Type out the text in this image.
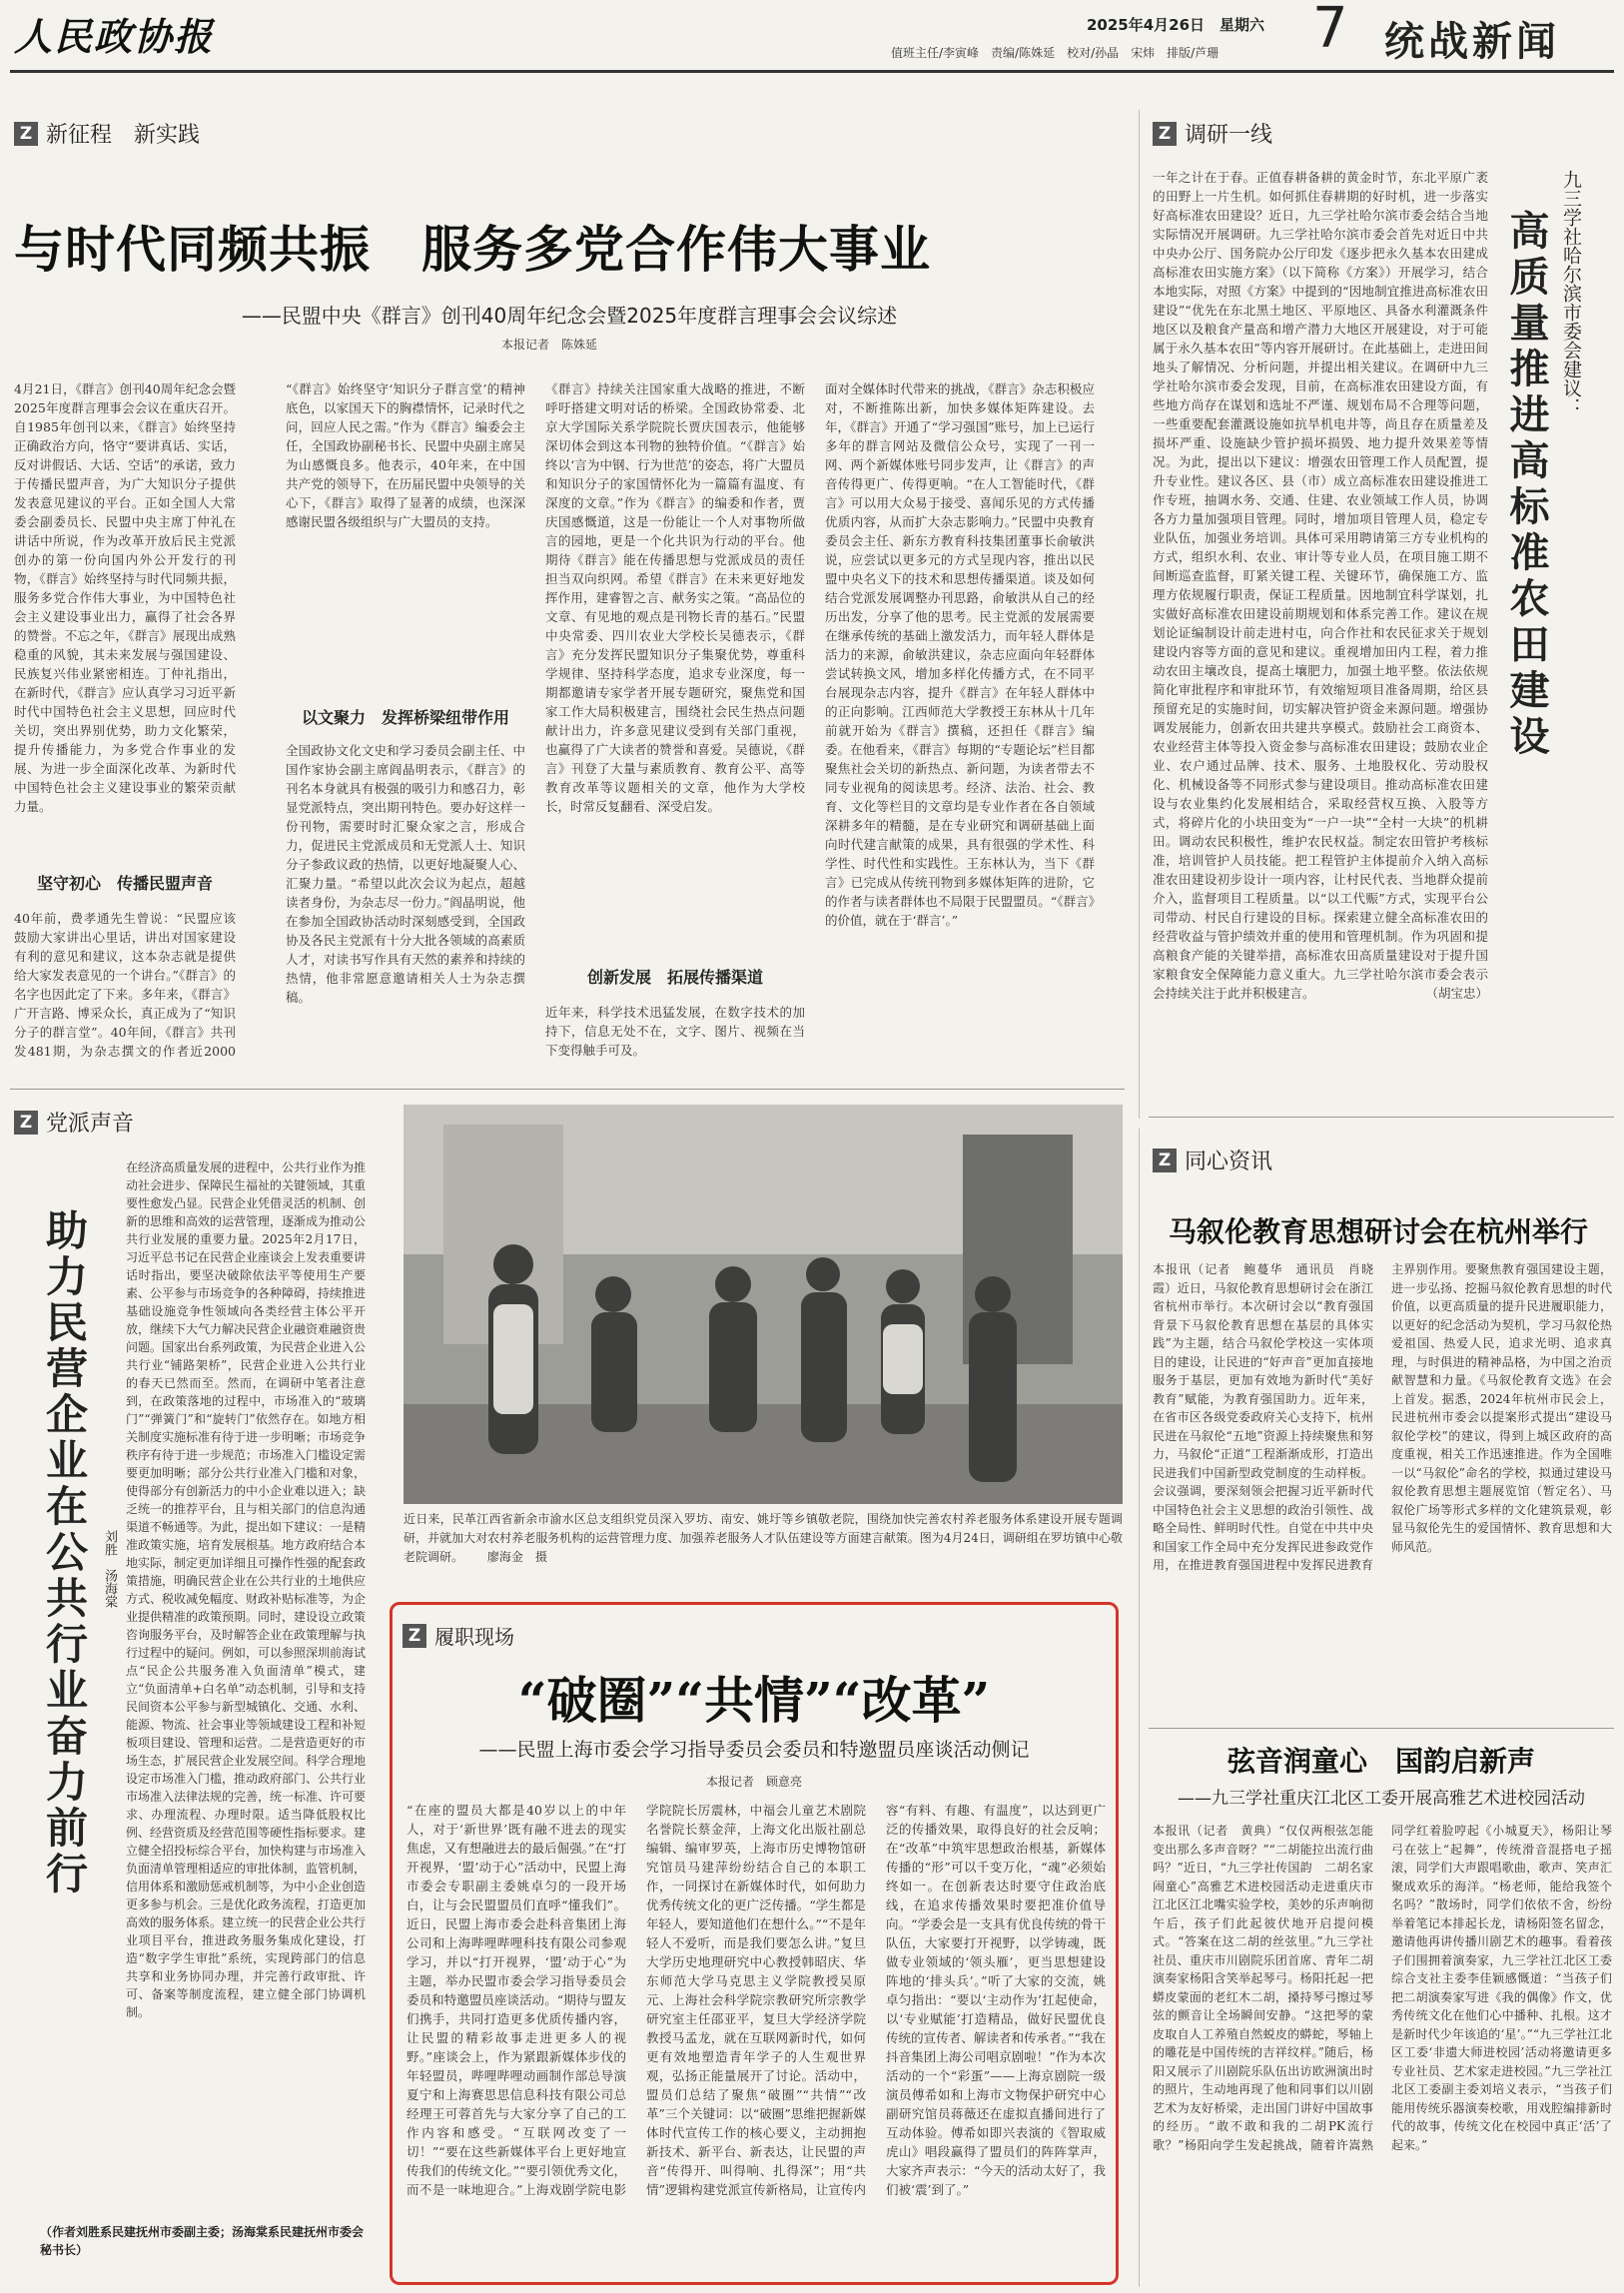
人民政协报	2025年4月26日　星期六
值班主任/李寅峰　责编/陈姝延　校对/孙晶　宋炜　排版/芦珊 7 统战新闻
Z 新征程　新实践
与时代同频共振　服务多党合作伟大事业
——民盟中央《群言》创刊40周年纪念会暨2025年度群言理事会会议综述
本报记者　陈姝延
4月21日，《群言》创刊40周年纪念会暨2025年度群言理事会会议在重庆召开。自1985年创刊以来，《群言》始终坚持正确政治方向，恪守“要讲真话、实话，反对讲假话、大话、空话”的承诺，致力于传播民盟声音，为广大知识分子提供发表意见建议的平台。正如全国人大常委会副委员长、民盟中央主席丁仲礼在讲话中所说，作为改革开放后民主党派创办的第一份向国内外公开发行的刊物，《群言》始终坚持与时代同频共振，服务多党合作伟大事业，为中国特色社会主义建设事业出力，赢得了社会各界的赞誉。不忘之年，《群言》展现出成熟稳重的风貌，其未来发展与强国建设、民族复兴伟业紧密相连。丁仲礼指出，在新时代，《群言》应认真学习习近平新时代中国特色社会主义思想，回应时代关切，突出界别优势，助力文化繁荣，提升传播能力，为多党合作事业的发展、为进一步全面深化改革、为新时代中国特色社会主义建设事业的繁荣贡献力量。
坚守初心　传播民盟声音
40年前，费孝通先生曾说：“民盟应该鼓励大家讲出心里话，讲出对国家建设有利的意见和建议，这本杂志就是提供给大家发表意见的一个讲台。”《群言》的名字也因此定了下来。多年来，《群言》广开言路、博采众长，真正成为了“知识分子的群言堂”。40年间，《群言》共刊发481期，为杂志撰文的作者近2000
“《群言》始终坚守‘知识分子群言堂’的精神底色，以家国天下的胸襟情怀，记录时代之问，回应人民之需。”作为《群言》编委会主任，全国政协副秘书长、民盟中央副主席吴为山感慨良多。他表示，40年来，在中国共产党的领导下，在历届民盟中央领导的关心下，《群言》取得了显著的成绩，也深深感谢民盟各级组织与广大盟员的支持。
以文聚力　发挥桥梁纽带作用
全国政协文化文史和学习委员会副主任、中国作家协会副主席阎晶明表示，《群言》的刊名本身就具有极强的吸引力和感召力，彰显党派特点，突出期刊特色。要办好这样一份刊物，需要时时汇聚众家之言，形成合力，促进民主党派成员和无党派人士、知识分子参政议政的热情，以更好地凝聚人心、汇聚力量。“希望以此次会议为起点，超越读者身份，为杂志尽一份力。”阎晶明说，他在参加全国政协活动时深刻感受到，全国政协及各民主党派有十分大批各领域的高素质人才，对读书写作具有天然的素养和持续的热情，他非常愿意邀请相关人士为杂志撰稿。
《群言》持续关注国家重大战略的推进，不断呼吁搭建文明对话的桥梁。全国政协常委、北京大学国际关系学院院长贾庆国表示，他能够深切体会到这本刊物的独特价值。“《群言》始终以‘言为中钢、行为世范’的姿态，将广大盟员和知识分子的家国情怀化为一篇篇有温度、有深度的文章。”作为《群言》的编委和作者，贾庆国感慨道，这是一份能让一个人对事物所做言的园地，更是一个化共识为行动的平台。他期待《群言》能在传播思想与党派成员的责任担当双向织网。希望《群言》在未来更好地发挥作用，建睿智之言、献务实之策。“高品位的文章、有见地的观点是刊物长青的基石。”民盟中央常委、四川农业大学校长吴德表示，《群言》充分发挥民盟知识分子集聚优势，尊重科学规律、坚持科学态度，追求专业深度，每一期都邀请专家学者开展专题研究，聚焦党和国家工作大局积极建言，围绕社会民生热点问题献计出力，许多意见建议受到有关部门重视，也赢得了广大读者的赞誉和喜爱。吴德说，《群言》刊登了大量与素质教育、教育公平、高等教育改革等议题相关的文章，他作为大学校长，时常反复翻看、深受启发。
创新发展　拓展传播渠道
近年来，科学技术迅猛发展，在数字技术的加持下，信息无处不在，文字、图片、视频在当下变得触手可及。
面对全媒体时代带来的挑战，《群言》杂志积极应对，不断推陈出新，加快多媒体矩阵建设。去年，《群言》开通了“学习强国”账号，加上已运行多年的群言网站及微信公众号，实现了一刊一网、两个新媒体账号同步发声，让《群言》的声音传得更广、传得更响。“在人工智能时代，《群言》可以用大众易于接受、喜闻乐见的方式传播优质内容，从而扩大杂志影响力。”民盟中央教育委员会主任、新东方教育科技集团董事长俞敏洪说，应尝试以更多元的方式呈现内容，推出以民盟中央名义下的技术和思想传播渠道。谈及如何结合党派发展调整办刊思路，俞敏洪从自己的经历出发，分享了他的思考。民主党派的发展需要在继承传统的基础上激发活力，而年轻人群体是活力的来源，俞敏洪建议，杂志应面向年轻群体尝试转换文风，增加多样化传播方式，在不同平台展现杂志内容，提升《群言》在年轻人群体中的正向影响。江西师范大学教授王东林从十几年前就开始为《群言》撰稿，还担任《群言》编委。在他看来，《群言》每期的“专题论坛”栏目都聚焦社会关切的新热点、新问题，为读者带去不同专业视角的阅读思考。经济、法治、社会、教育、文化等栏目的文章均是专业作者在各自领域深耕多年的精髓，是在专业研究和调研基础上面向时代建言献策的成果，具有很强的学术性、科学性、时代性和实践性。王东林认为，当下《群言》已完成从传统刊物到多媒体矩阵的进阶，它的作者与读者群体也不局限于民盟盟员。“《群言》的价值，就在于‘群言’。”
Z 调研一线
九三学社哈尔滨市委会建议：
高质量推进高标准农田建设
一年之计在于春。正值春耕备耕的黄金时节，东北平原广袤的田野上一片生机。如何抓住春耕期的好时机，进一步落实好高标准农田建设？近日，九三学社哈尔滨市委会结合当地实际情况开展调研。九三学社哈尔滨市委会首先对近日中共中央办公厅、国务院办公厅印发《逐步把永久基本农田建成高标准农田实施方案》（以下简称《方案》）开展学习，结合本地实际，对照《方案》中提到的“因地制宜推进高标准农田建设”“优先在东北黑土地区、平原地区、具备水利灌溉条件地区以及粮食产量高和增产潜力大地区开展建设，对于可能属于永久基本农田”等内容开展研讨。在此基础上，走进田间地头了解情况、分析问题，并提出相关建议。在调研中九三学社哈尔滨市委会发现，目前，在高标准农田建设方面，有些地方尚存在谋划和选址不严谨、规划布局不合理等问题，一些重要配套灌溉设施如抗旱机电井等，尚且存在质量差及损坏严重、设施缺少管护损坏损毁、地力提升效果差等情况。为此，提出以下建议：增强农田管理工作人员配置，提升专业性。建议各区、县（市）成立高标准农田建设推进工作专班，抽调水务、交通、住建、农业领域工作人员，协调各方力量加强项目管理。同时，增加项目管理人员，稳定专业队伍，加强业务培训。具体可采用聘请第三方专业机构的方式，组织水利、农业、审计等专业人员，在项目施工期不间断巡查监督，盯紧关键工程、关键环节，确保施工方、监理方依规履行职责，保证工程质量。因地制宜科学谋划，扎实做好高标准农田建设前期规划和体系完善工作。建议在规划论证编制设计前走进村屯，向合作社和农民征求关于规划建设内容等方面的意见和建议。重视增加田内工程，着力推动农田主壤改良，提高土壤肥力，加强土地平整。依法依规简化审批程序和审批环节，有效缩短项目准备周期，给区县预留充足的实施时间，切实解决管护资金来源问题。增强协调发展能力，创新农田共建共享模式。鼓励社会工商资本、农业经营主体等投入资金参与高标准农田建设；鼓励农业企业、农户通过品牌、技术、服务、土地股权化、劳动股权化、机械设备等不同形式参与建设项目。推动高标准农田建设与农业集约化发展相结合，采取经营权互换、入股等方式，将碎片化的小块田变为“一户一块”“全村一大块”的机耕田。调动农民积极性，维护农民权益。制定农田管护考核标准，培训管护人员技能。把工程管护主体提前介入纳入高标准农田建设初步设计一项内容，让村民代表、当地群众提前介入，监督项目工程质量。以“以工代赈”方式，实现平台公司带动、村民自行建设的目标。探索建立健全高标准农田的经营收益与管护绩效并重的使用和管理机制。作为巩固和提高粮食产能的关键举措，高标准农田高质量建设对于提升国家粮食安全保障能力意义重大。九三学社哈尔滨市委会表示会持续关注于此并积极建言。	（胡宝忠）
Z 党派声音
助力民营企业在公共行业奋力前行	刘胜　汤海棠
在经济高质量发展的进程中，公共行业作为推动社会进步、保障民生福祉的关键领域，其重要性愈发凸显。民营企业凭借灵活的机制、创新的思维和高效的运营管理，逐渐成为推动公共行业发展的重要力量。2025年2月17日，习近平总书记在民营企业座谈会上发表重要讲话时指出，要坚决破除依法平等使用生产要素、公平参与市场竞争的各种障碍，持续推进基础设施竞争性领域向各类经营主体公平开放，继续下大气力解决民营企业融资难融资贵问题。国家出台系列政策，为民营企业进入公共行业“铺路架桥”，民营企业进入公共行业的春天已然而至。然而，在调研中笔者注意到，在政策落地的过程中，市场准入的“玻璃门”“弹簧门”和“旋转门”依然存在。如地方相关制度实施标准有待于进一步明晰；市场竞争秩序有待于进一步规范；市场准入门槛设定需要更加明晰；部分公共行业准入门槛和对象，使得部分有创新活力的中小企业难以进入；缺乏统一的推荐平台，且与相关部门的信息沟通渠道不畅通等。为此，提出如下建议：一是精准政策实施，培育发展根基。地方政府结合本地实际，制定更加详细且可操作性强的配套政策措施，明确民营企业在公共行业的土地供应方式、税收减免幅度、财政补贴标准等，为企业提供精准的政策预期。同时，建设设立政策咨询服务平台，及时解答企业在政策理解与执行过程中的疑问。例如，可以参照深圳前海试点“民企公共服务准入负面清单”模式，建立“负面清单+白名单”动态机制，引导和支持民间资本公平参与新型城镇化、交通、水利、能源、物流、社会事业等领域建设工程和补短板项目建设、管理和运营。二是营造更好的市场生态，扩展民营企业发展空间。科学合理地设定市场准入门槛，推动政府部门、公共行业市场准入法律法规的完善，统一标准、许可要求、办理流程、办理时限。适当降低股权比例、经营资质及经营范围等硬性指标要求。建立健全招投标综合平台，加快构建与市场准入负面清单管理相适应的审批体制，监管机制，信用体系和激励惩戒机制等，为中小企业创造更多参与机会。三是优化政务流程，打造更加高效的服务体系。建立统一的民营企业公共行业项目平台，推进政务服务集成化建设，打造“数字学生审批”系统，实现跨部门的信息共享和业务协同办理，并完善行政审批、许可、备案等制度流程，建立健全部门协调机制。
（作者刘胜系民建抚州市委副主委；汤海棠系民建抚州市委会秘书长）
近日来，民革江西省新余市渝水区总支组织党员深入罗坊、南安、姚圩等乡镇敬老院，围绕加快完善农村养老服务体系建设开展专题调研，并就加大对农村养老服务机构的运营管理力度、加强养老服务人才队伍建设等方面建言献策。图为4月24日，调研组在罗坊镇中心敬老院调研。 廖海金　摄
Z 履职现场
“破圈”“共情”“改革”
——民盟上海市委会学习指导委员会委员和特邀盟员座谈活动侧记
本报记者　顾意亮
“在座的盟员大都是40岁以上的中年人，对于‘新世界’既有融不进去的现实焦虑，又有想融进去的最后倔强。”在“打开视界，‘盟’动于心”活动中，民盟上海市委会专职副主委姚卓匀的一段开场白，让与会民盟盟员们直呼“懂我们”。近日，民盟上海市委会赴科音集团上海公司和上海哔哩哔哩科技有限公司参观学习，并以“打开视界，‘盟’动于心”为主题，举办民盟市委会学习指导委员会委员和特邀盟员座谈活动。“期待与盟友们携手，共同打造更多优质传播内容，让民盟的精彩故事走进更多人的视野。”座谈会上，作为紧跟新媒体步伐的年轻盟员，哔哩哔哩动画制作部总导演夏宁和上海赛思思信息科技有限公司总经理王可蓉首先与大家分享了自己的工作内容和感受。“互联网改变了一切！”“要在这些新媒体平台上更好地宣传我们的传统文化。”“要引领优秀文化，而不是一味地迎合。”上海戏剧学院电影学院院长厉震林，中福会儿童艺术剧院名誉院长蔡金萍，上海文化出版社副总编辑、编审罗英，上海市历史博物馆研究馆员马建萍纷纷结合自己的本职工作，一同探讨在新媒体时代，如何助力优秀传统文化的更广泛传播。“学生都是年轻人，要知道他们在想什么。”“不是年轻人不爱听，而是我们要怎么讲。”复旦大学历史地理研究中心教授韩昭庆、华东师范大学马克思主义学院教授吴原元、上海社会科学院宗教研究所宗教学研究室主任邵亚平，复旦大学经济学院教授马孟龙，就在互联网新时代，如何更有效地塑造青年学子的人生观世界观，弘扬正能量展开了讨论。活动中，盟员们总结了聚焦“破圈”“共情”“改革”三个关键词：以“破圈”思维把握新媒体时代宣传工作的核心要义，主动拥抱新技术、新平台、新表达，让民盟的声音“传得开、叫得响、扎得深”；用“共情”逻辑构建党派宣传新格局，让宣传内容“有料、有趣、有温度”，以达到更广泛的传播效果，取得良好的社会反响；在“改革”中筑牢思想政治根基，新媒体传播的“形”可以千变万化，“魂”必须始终如一。在创新表达时要守住政治底线，在追求传播效果时要把准价值导向。“学委会是一支具有优良传统的骨干队伍，大家要打开视野，以学铸魂，既做专业领域的‘领头雁’，更当思想建设阵地的‘排头兵’。”听了大家的交流，姚卓匀指出：“要以‘主动作为’扛起使命，以‘专业赋能’打造精品，做好民盟优良传统的宣传者、解读者和传承者。”“我在抖音集团上海公司唱京剧啦！”作为本次活动的一个“彩蛋”——上海京剧院一级演员傅希如和上海市文物保护研究中心副研究馆员蒋薇还在虚拟直播间进行了互动体验。傅希如即兴表演的《智取威虎山》唱段赢得了盟员们的阵阵掌声，大家齐声表示：“今天的活动太好了，我们被‘震’到了。”
Z 同心资讯
马叙伦教育思想研讨会在杭州举行
本报讯（记者　鲍蔓华　通讯员　肖晓霞）近日，马叙伦教育思想研讨会在浙江省杭州市举行。本次研讨会以“教育强国背景下马叙伦教育思想在基层的具体实践”为主题，结合马叙伦学校这一实体项目的建设，让民进的“好声音”更加直接地服务于基层，更加有效地为新时代“美好教育”赋能，为教育强国助力。近年来，在省市区各级党委政府关心支持下，杭州民进在马叙伦“五地”资源上持续聚焦和努力，马叙伦“正道”工程渐渐成形，打造出民进我们中国新型政党制度的生动样板。会议强调，要深刻领会把握习近平新时代中国特色社会主义思想的政治引领性、战略全局性、鲜明时代性。自觉在中共中央和国家工作全局中充分发挥民进参政党作用，在推进教育强国进程中发挥民进教育主界别作用。要聚焦教育强国建设主题，进一步弘扬、挖掘马叙伦教育思想的时代价值，以更高质量的提升民进履职能力，以更好的纪念活动为契机，学习马叙伦热爱祖国、热爱人民，追求光明、追求真理，与时俱进的精神品格，为中国之治贡献智慧和力量。《马叙伦教育文选》在会上首发。据悉，2024年杭州市民会上，民进杭州市委会以提案形式提出“建设马叙伦学校”的建议，得到上城区政府的高度重视，相关工作迅速推进。作为全国唯一以“马叙伦”命名的学校，拟通过建设马叙伦教育思想主题展览馆（暂定名）、马叙伦广场等形式多样的文化建筑景观，彰显马叙伦先生的爱国情怀、教育思想和大师风范。
弦音润童心　国韵启新声
——九三学社重庆江北区工委开展高雅艺术进校园活动
本报讯（记者　黄典）“仅仅两根弦怎能变出那么多声音呀？”“二胡能拉出流行曲吗？”近日，“九三学社传国韵　二胡名家闹童心”高雅艺术进校园活动走进重庆市江北区江北嘴实验学校，美妙的乐声响彻午后，孩子们此起彼伏地开启提问模式。“答案在这二胡的丝弦里。”九三学社社员、重庆市川剧院乐团首席、青年二胡演奏家杨阳含笑举起琴弓。杨阳托起一把蟒皮蒙面的老红木二胡，搡持琴弓擦过琴弦的颤音让全场瞬间安静。“这把琴的蒙皮取自人工养殖自然蜕皮的蟒蛇，琴轴上的雕花是中国传统的吉祥纹样。”随后，杨阳又展示了川剧院乐队伍出访欧洲演出时的照片，生动地再现了他和同事们以川剧艺术为友好桥梁，走出国门讲好中国故事的经历。“敢不敢和我的二胡PK流行歌？”杨阳向学生发起挑战，随着许嵩熟同学红着脸哼起《小城夏天》，杨阳让琴弓在弦上“起舞”，传统滑音混搭电子摇滚，同学们大声跟唱歌曲，歌声、笑声汇聚成欢乐的海洋。“杨老师，能给我签个名吗？”散场时，同学们依依不舍，纷纷举着笔记本排起长龙，请杨阳签名留念，邀请他再讲传播川剧艺术的趣事。看着孩子们围拥着演奏家，九三学社江北区工委综合支社主委李佳颖感慨道：“当孩子们把二胡演奏家写进《我的偶像》作文，优秀传统文化在他们心中播种、扎根。这才是新时代少年该追的‘星’。”“九三学社江北区工委‘非遗大师进校园’活动将邀请更多专业社员、艺术家走进校园。”九三学社江北区工委副主委刘培义表示，“当孩子们能用传统乐器演奏校歌，用戏腔编排新时代的故事，传统文化在校园中真正‘活’了起来。”
